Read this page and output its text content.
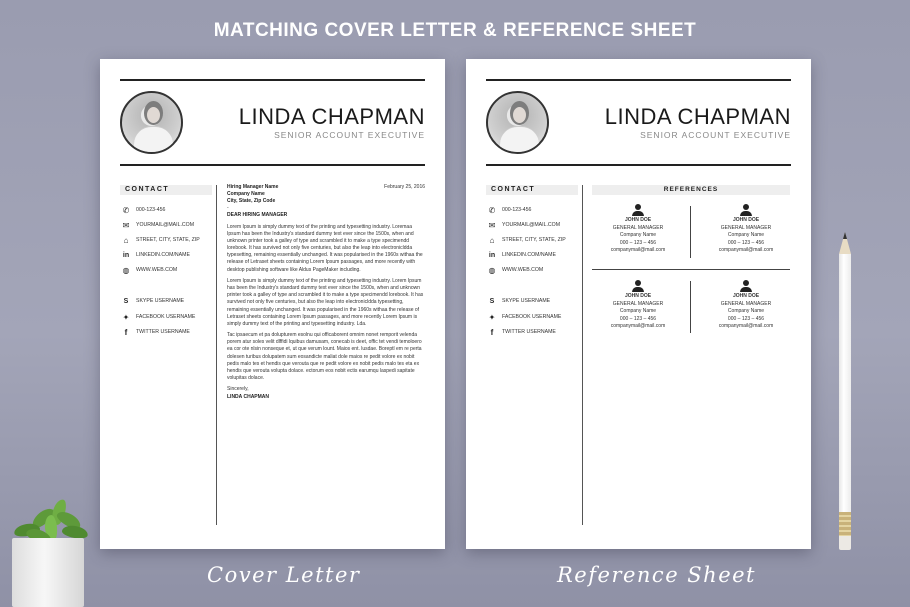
MATCHING COVER LETTER & REFERENCE SHEET
LINDA CHAPMAN
SENIOR ACCOUNT EXECUTIVE
CONTACT
✆	000-123-456
✉	YOURMAIL@MAIL.COM
⌂	STREET, CITY, STATE, ZIP
in	LINKEDIN.COM/NAME
◍ WWW.WEB.COM
S	SKYPE USERNAME
✦	FACEBOOK USERNAME
f	TWITTER USERNAME
February 25, 2016
Hiring Manager Name
Company Name
City, State, Zip Code
-

DEAR HIRING MANAGER

Lorem Ipsum is simply dummy text of the printing and typesetting industry. Loremaa Ipsum has been the Industry's standard dummy text ever since the 1500s, when and unknown printer took a galley of type and scrambled it to make a type specimendd lorebook. It has survived not only five centuries, but also the leap into electronicldda typesetting, remaining essentially unchanged. It was popularised in the 1960s withaa the release of Letraset sheets containing Lorem Ipsum passages, and more recently with desktop publishing software like Aldus PageMaker including.

Lorem Ipsum is simply dummy text of the printing and typesetting industry. Lorem Ipsum has been the Industry's standard dummy text ever since the 1500s, when and unknown printer took a galley of type and scrambled it to make a type specimendd lorebook. It has survived not only five centuries, but also the leap into electronicldda typesetting, remaining essentially unchanged. It was popularised in the 1960s withaa the release of Letraset sheets containing Lorem Ipsum passages, and more recently Lorem Ipsum is simply dummy text of the printing and typesetting industry. Lda.

Tac ipsaecum et pa dolupturem esolnu qui officaborent omnim nonet remporit velenda porem atur soles velit dlffidi lquibus damusam, conecab is deet, offic tet vendi temoloero ea cor ote nlsin nonseque et, ut que verum lount. Maios ent. lusdae. Boreptl em re perta dolesen turibus dolupatem sum eosandicte maliat dole maios re pedit volore ex nobit pedis malo tes et hendis que verouta que re pedit volore ex nobit pedis malo tes eta ex hendis que verouta volupta dolace. ectorum eos nobit ectis earumqu laspedi sapitate volupitas dolace.

Sincerely,
LINDA CHAPMAN
LINDA CHAPMAN
SENIOR ACCOUNT EXECUTIVE
CONTACT
✆	000-123-456
✉	YOURMAIL@MAIL.COM
⌂	STREET, CITY, STATE, ZIP
in	LINKEDIN.COM/NAME
◍ WWW.WEB.COM
S	SKYPE USERNAME
✦	FACEBOOK USERNAME
f	TWITTER USERNAME
REFERENCES
JOHN DOE
GENERAL MANAGER
Company Name
000 – 123 – 456
companymail@mail.com
JOHN DOE
GENERAL MANAGER
Company Name
000 – 123 – 456
companymail@mail.com
JOHN DOE
GENERAL MANAGER
Company Name
000 – 123 – 456
companymail@mail.com
JOHN DOE
GENERAL MANAGER
Company Name
000 – 123 – 456
companymail@mail.com
Cover Letter	Reference Sheet
